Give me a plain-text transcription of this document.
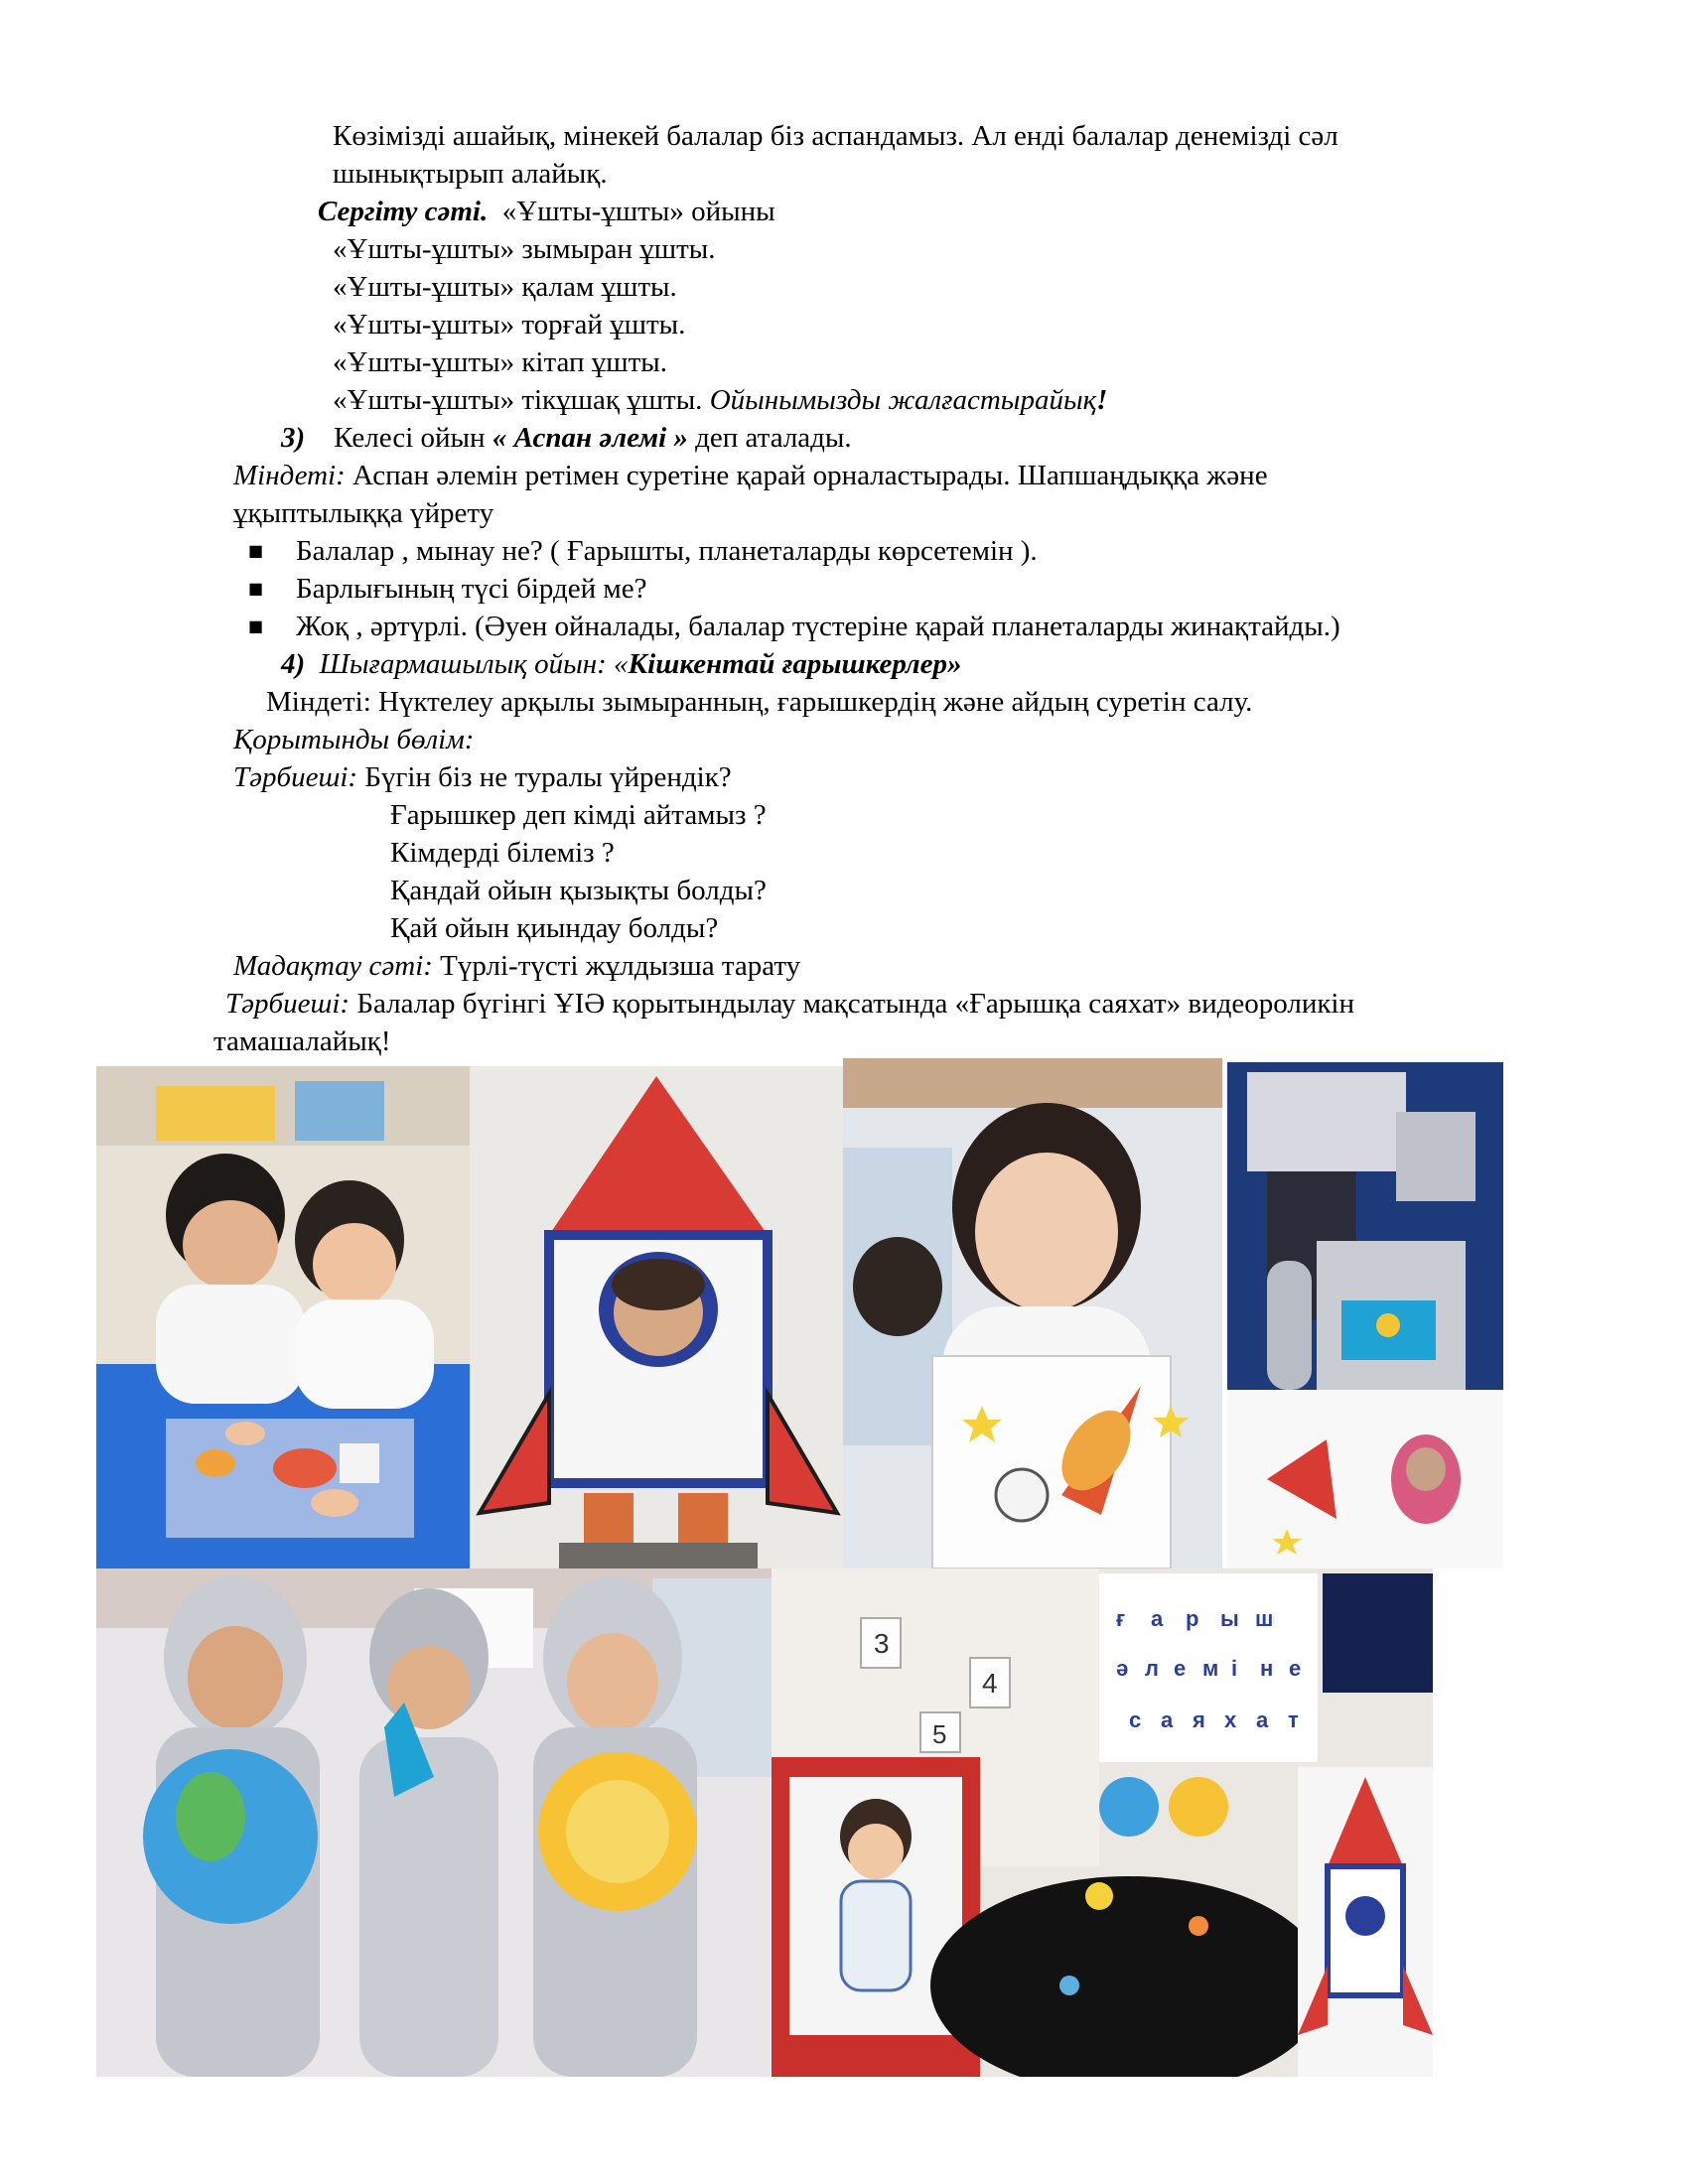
Көзімізді ашайық, мінекей балалар біз аспандамыз. Ал енді балалар денемізді сәл
шынықтырып алайық.
Сергіту сәті. «Ұшты-ұшты» ойыны
«Ұшты-ұшты» зымыран ұшты.
«Ұшты-ұшты» қалам ұшты.
«Ұшты-ұшты» торғай ұшты.
«Ұшты-ұшты» кітап ұшты.
«Ұшты-ұшты» тікұшақ ұшты. Ойынымызды жалғастырайық!
3) Келесі ойын « Аспан әлемі » деп аталады.
Міндеті: Аспан әлемін ретімен суретіне қарай орналастырады. Шапшаңдыққа және
ұқыптылыққа үйрету
■ Балалар , мынау не? ( Ғарышты, планеталарды көрсетемін ).
■ Барлығының түсі бірдей ме?
■ Жоқ , әртүрлі. (Әуен ойналады, балалар түстеріне қарай планеталарды жинақтайды.)
4) Шығармашылық ойын: «Кішкентай ғарышкерлер»
Міндеті: Нүктелеу арқылы зымыранның, ғарышкердің және айдың суретін салу.
Қорытынды бөлім:
Тәрбиеші: Бүгін біз не туралы үйрендік?
Ғарышкер деп кімді айтамыз ?
Кімдерді білеміз ?
Қандай ойын қызықты болды?
Қай ойын қиындау болды?
Мадақтау сәті: Түрлі-түсті жұлдызша тарату
Тәрбиеші: Балалар бүгінгі ҰІӘ қорытындылау мақсатында «Ғарышқа саяхат» видеороликін
тамашалайық!
3
4
5
ғ а р ы ш
ә л е м і н е
с а я х а т
